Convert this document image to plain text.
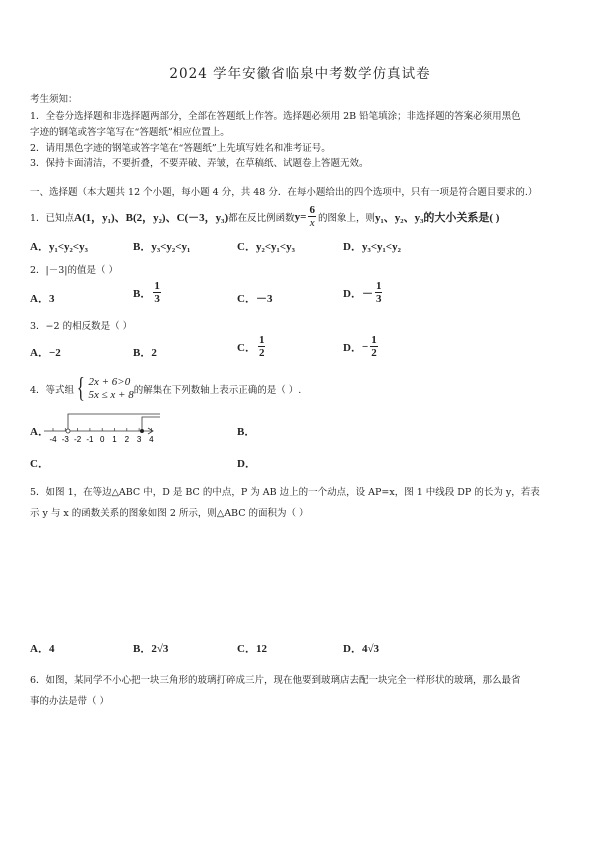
2024 学年安徽省临泉中考数学仿真试卷
考生须知：
1．全卷分选择题和非选择题两部分，全部在答题纸上作答。选择题必须用 2B 铅笔填涂；非选择题的答案必须用黑色
字迹的钢笔或答字笔写在“答题纸”相应位置上。
2．请用黑色字迹的钢笔或答字笔在“答题纸”上先填写姓名和准考证号。
3．保持卡面清洁，不要折叠，不要弄破、弄皱，在草稿纸、试题卷上答题无效。
一、选择题（本大题共 12 个小题，每小题 4 分，共 48 分．在每小题给出的四个选项中，只有一项是符合题目要求的.）
1．已知点 A(1，y₁)、B(2，y₂)、C(－3，y₃) 都在反比例函数 $y= \frac{6}{x}$ 的图象上，则 y₁、y₂、y₃ 的大小关系是( )
A．y₁<y₂<y₃	B．y₃<y₂<y₁	C．y₂<y₁<y₃	D．y₃<y₁<y₂
2．|－3|的值是（ ）
A．3	B． $\frac{1}{3}$	C．－3	D． － $\frac{1}{3}$
3．−2 的相反数是（ ）
A．−2	B．2	C． $\frac{1}{2}$	D． − $\frac{1}{2}$
4．等式组 { 2x + 6>0
5x ≤ x + 8 的解集在下列数轴上表示正确的是（ ）.
A．
-4 -3 -2 -1 0 1 2 3 4
B．
C．	D．
5．如图 1，在等边△ABC 中，D 是 BC 的中点，P 为 AB 边上的一个动点，设 AP=x，图 1 中线段 DP 的长为 y，若表
示 y 与 x 的函数关系的图象如图 2 所示，则△ABC 的面积为（ ）
A．4	B．2√3	C．12	D．4√3
6．如图，某同学不小心把一块三角形的玻璃打碎成三片，现在他要到玻璃店去配一块完全一样形状的玻璃，那么最省
事的办法是带（ ）
